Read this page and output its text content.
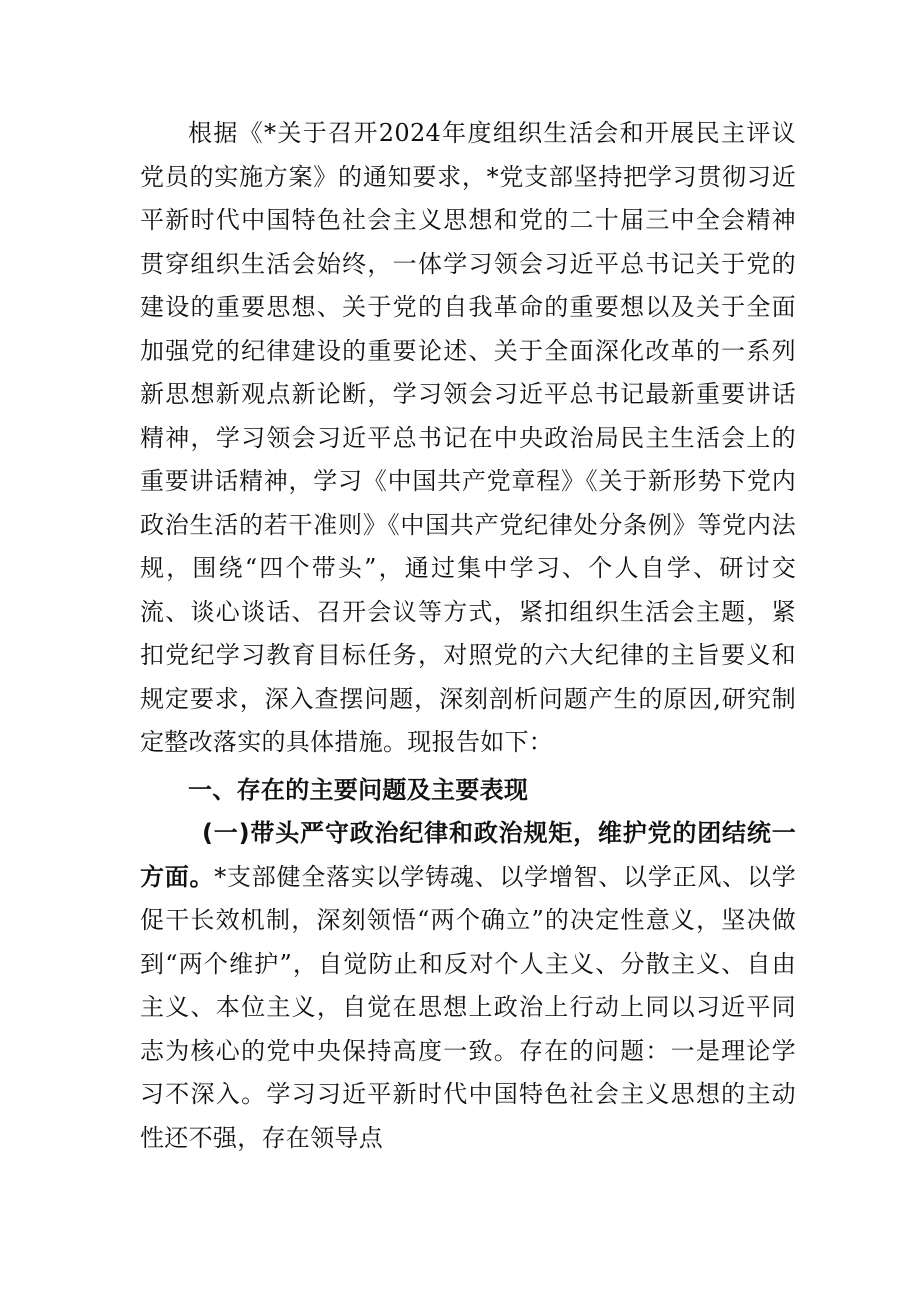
根据《*关于召开2024年度组织生活会和开展民主评议党员的实施方案》的通知要求，*党支部坚持把学习贯彻习近平新时代中国特色社会主义思想和党的二十届三中全会精神贯穿组织生活会始终，一体学习领会习近平总书记关于党的建设的重要思想、关于党的自我革命的重要想以及关于全面加强党的纪律建设的重要论述、关于全面深化改革的一系列新思想新观点新论断，学习领会习近平总书记最新重要讲话精神，学习领会习近平总书记在中央政治局民主生活会上的重要讲话精神，学习《中国共产党章程》《关于新形势下党内政治生活的若干准则》《中国共产党纪律处分条例》等党内法规，围绕“四个带头”，通过集中学习、个人自学、研讨交流、谈心谈话、召开会议等方式，紧扣组织生活会主题，紧扣党纪学习教育目标任务，对照党的六大纪律的主旨要义和规定要求，深入查摆问题，深刻剖析问题产生的原因,研究制定整改落实的具体措施。现报告如下：

一、存在的主要问题及主要表现

(一)带头严守政治纪律和政治规矩，维护党的团结统一方面。*支部健全落实以学铸魂、以学增智、以学正风、以学促干长效机制，深刻领悟“两个确立”的决定性意义，坚决做到“两个维护”，自觉防止和反对个人主义、分散主义、自由主义、本位主义，自觉在思想上政治上行动上同以习近平同志为核心的党中央保持高度一致。存在的问题：一是理论学习不深入。学习习近平新时代中国特色社会主义思想的主动性还不强，存在领导点
